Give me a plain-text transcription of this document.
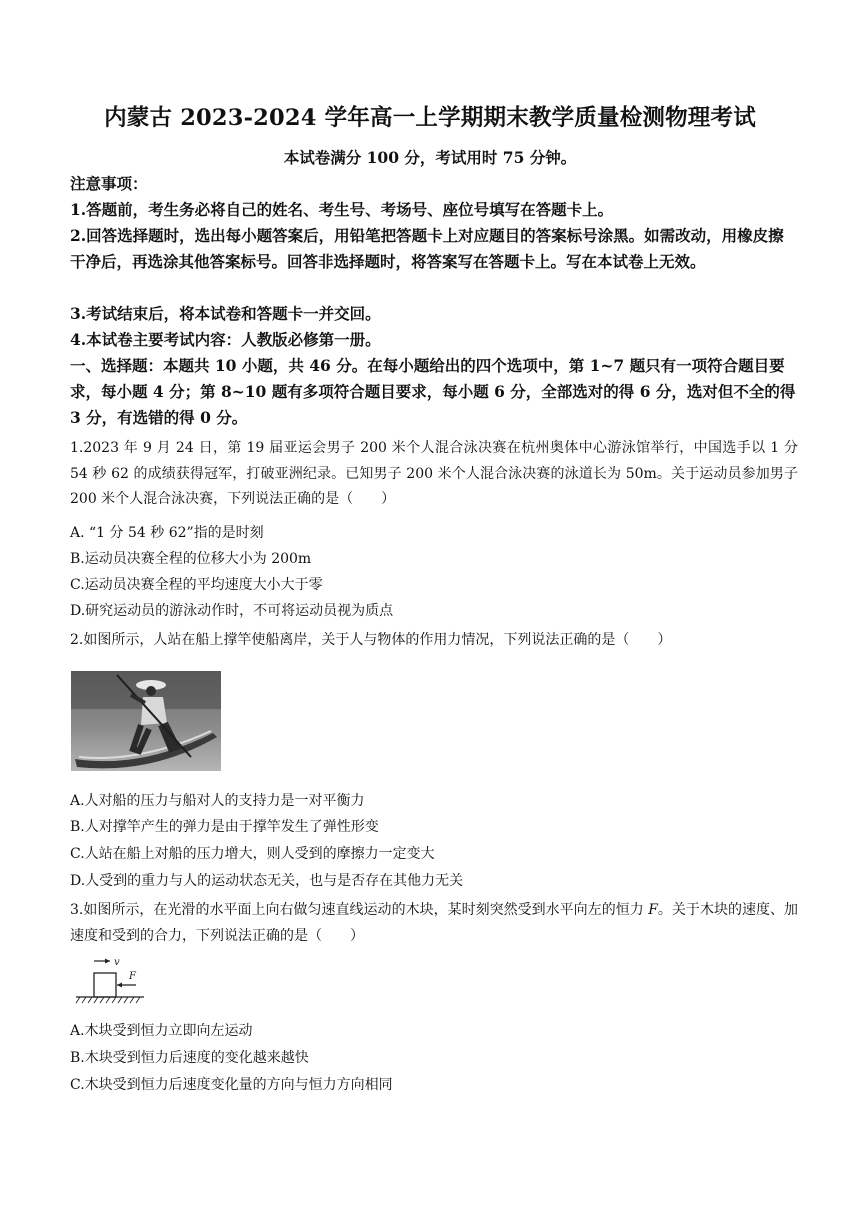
内蒙古 2023-2024 学年高一上学期期末教学质量检测物理考试
本试卷满分 100 分，考试用时 75 分钟。
注意事项：
1.答题前，考生务必将自己的姓名、考生号、考场号、座位号填写在答题卡上。
2.回答选择题时，选出每小题答案后，用铅笔把答题卡上对应题目的答案标号涂黑。如需改动，用橡皮擦干净后，再选涂其他答案标号。回答非选择题时，将答案写在答题卡上。写在本试卷上无效。
3.考试结束后，将本试卷和答题卡一并交回。
4.本试卷主要考试内容：人教版必修第一册。
一、选择题：本题共 10 小题，共 46 分。在每小题给出的四个选项中，第 1~7 题只有一项符合题目要求，每小题 4 分；第 8~10 题有多项符合题目要求，每小题 6 分，全部选对的得 6 分，选对但不全的得 3 分，有选错的得 0 分。
1.2023 年 9 月 24 日，第 19 届亚运会男子 200 米个人混合泳决赛在杭州奥体中心游泳馆举行，中国选手以 1 分 54 秒 62 的成绩获得冠军，打破亚洲纪录。已知男子 200 米个人混合泳决赛的泳道长为 50m。关于运动员参加男子 200 米个人混合泳决赛，下列说法正确的是（　　）
A. “1 分 54 秒 62”指的是时刻
B.运动员决赛全程的位移大小为 200m
C.运动员决赛全程的平均速度大小大于零
D.研究运动员的游泳动作时，不可将运动员视为质点
2.如图所示，人站在船上撑竿使船离岸，关于人与物体的作用力情况，下列说法正确的是（　　）
A.人对船的压力与船对人的支持力是一对平衡力
B.人对撑竿产生的弹力是由于撑竿发生了弹性形变
C.人站在船上对船的压力增大，则人受到的摩擦力一定变大
D.人受到的重力与人的运动状态无关，也与是否存在其他力无关
3.如图所示，在光滑的水平面上向右做匀速直线运动的木块，某时刻突然受到水平向左的恒力 F。关于木块的速度、加速度和受到的合力，下列说法正确的是（　　）
v
F
A.木块受到恒力立即向左运动
B.木块受到恒力后速度的变化越来越快
C.木块受到恒力后速度变化量的方向与恒力方向相同
